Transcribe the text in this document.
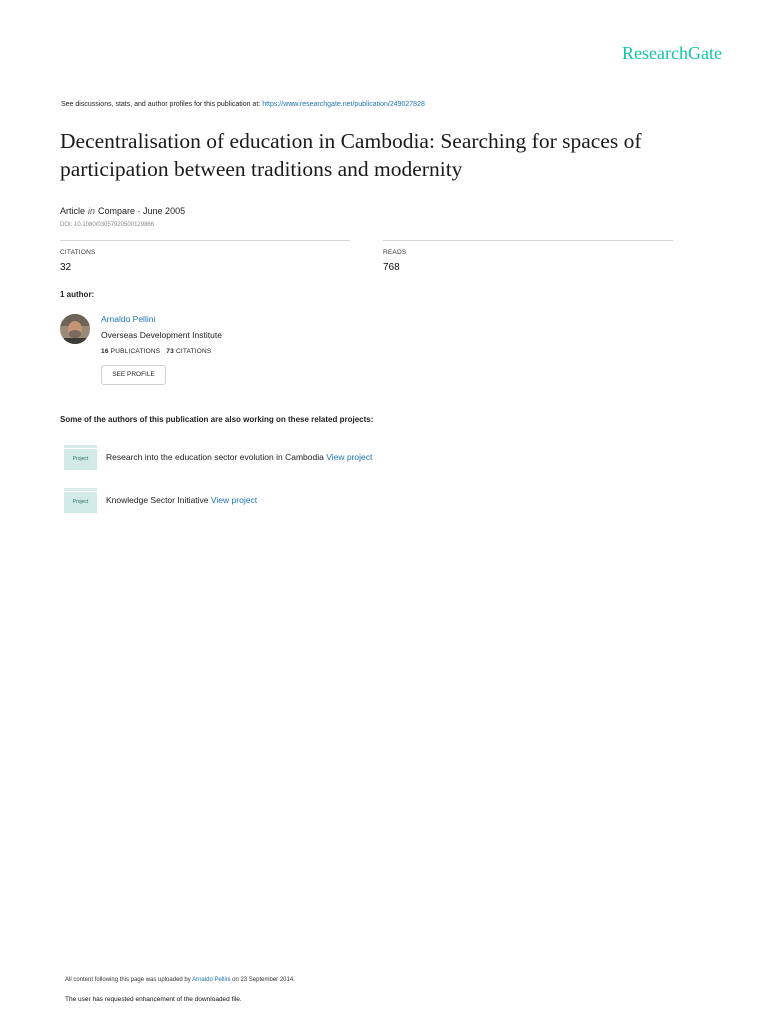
ResearchGate
See discussions, stats, and author profiles for this publication at: https://www.researchgate.net/publication/249027828
Decentralisation of education in Cambodia: Searching for spaces of participation between traditions and modernity
Article in Compare · June 2005
DOI: 10.1080/03057920500129866
CITATIONS
32
READS
768
1 author:
Arnaldo Pellini
Overseas Development Institute
16 PUBLICATIONS 73 CITATIONS
SEE PROFILE
Some of the authors of this publication are also working on these related projects:
Project	Research into the education sector evolution in Cambodia View project
Project	Knowledge Sector Initiative View project
All content following this page was uploaded by Arnaldo Pellini on 23 September 2014.
The user has requested enhancement of the downloaded file.
